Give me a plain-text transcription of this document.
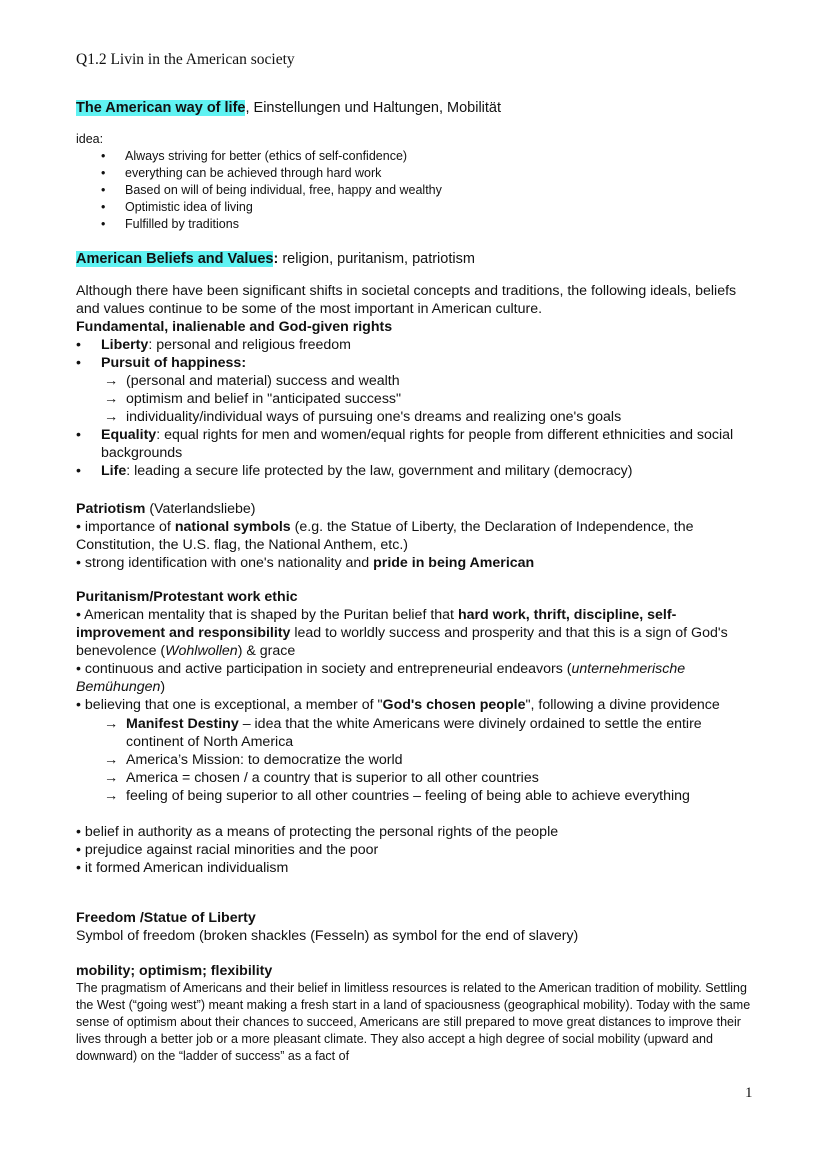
Q1.2 Livin in the American society
The American way of life, Einstellungen und Haltungen, Mobilität
idea:
• Always striving for better (ethics of self-confidence)
• everything can be achieved through hard work
• Based on will of being individual, free, happy and wealthy
• Optimistic idea of living
• Fulfilled by traditions
American Beliefs and Values: religion, puritanism, patriotism
Although there have been significant shifts in societal concepts and traditions, the following ideals, beliefs and values continue to be some of the most important in American culture.
Fundamental, inalienable and God-given rights
• Liberty: personal and religious freedom
• Pursuit of happiness:
→ (personal and material) success and wealth
→ optimism and belief in "anticipated success"
→ individuality/individual ways of pursuing one's dreams and realizing one's goals
• Equality: equal rights for men and women/equal rights for people from different ethnicities and social backgrounds
• Life: leading a secure life protected by the law, government and military (democracy)
Patriotism (Vaterlandsliebe)
• importance of national symbols (e.g. the Statue of Liberty, the Declaration of Independence, the Constitution, the U.S. flag, the National Anthem, etc.)
• strong identification with one's nationality and pride in being American
Puritanism/Protestant work ethic
• American mentality that is shaped by the Puritan belief that hard work, thrift, discipline, self-improvement and responsibility lead to worldly success and prosperity and that this is a sign of God's benevolence (Wohlwollen) & grace
• continuous and active participation in society and entrepreneurial endeavors (unternehmerische Bemühungen)
• believing that one is exceptional, a member of "God's chosen people", following a divine providence
→ Manifest Destiny – idea that the white Americans were divinely ordained to settle the entire continent of North America
→ America’s Mission: to democratize the world
→ America = chosen / a country that is superior to all other countries
→ feeling of being superior to all other countries – feeling of being able to achieve everything
• belief in authority as a means of protecting the personal rights of the people
• prejudice against racial minorities and the poor
• it formed American individualism
Freedom /Statue of Liberty
Symbol of freedom (broken shackles (Fesseln) as symbol for the end of slavery)
mobility; optimism; flexibility
The pragmatism of Americans and their belief in limitless resources is related to the American tradition of mobility. Settling the West (“going west”) meant making a fresh start in a land of spaciousness (geographical mobility). Today with the same sense of optimism about their chances to succeed, Americans are still prepared to move great distances to improve their lives through a better job or a more pleasant climate. They also accept a high degree of social mobility (upward and downward) on the “ladder of success” as a fact of
1
